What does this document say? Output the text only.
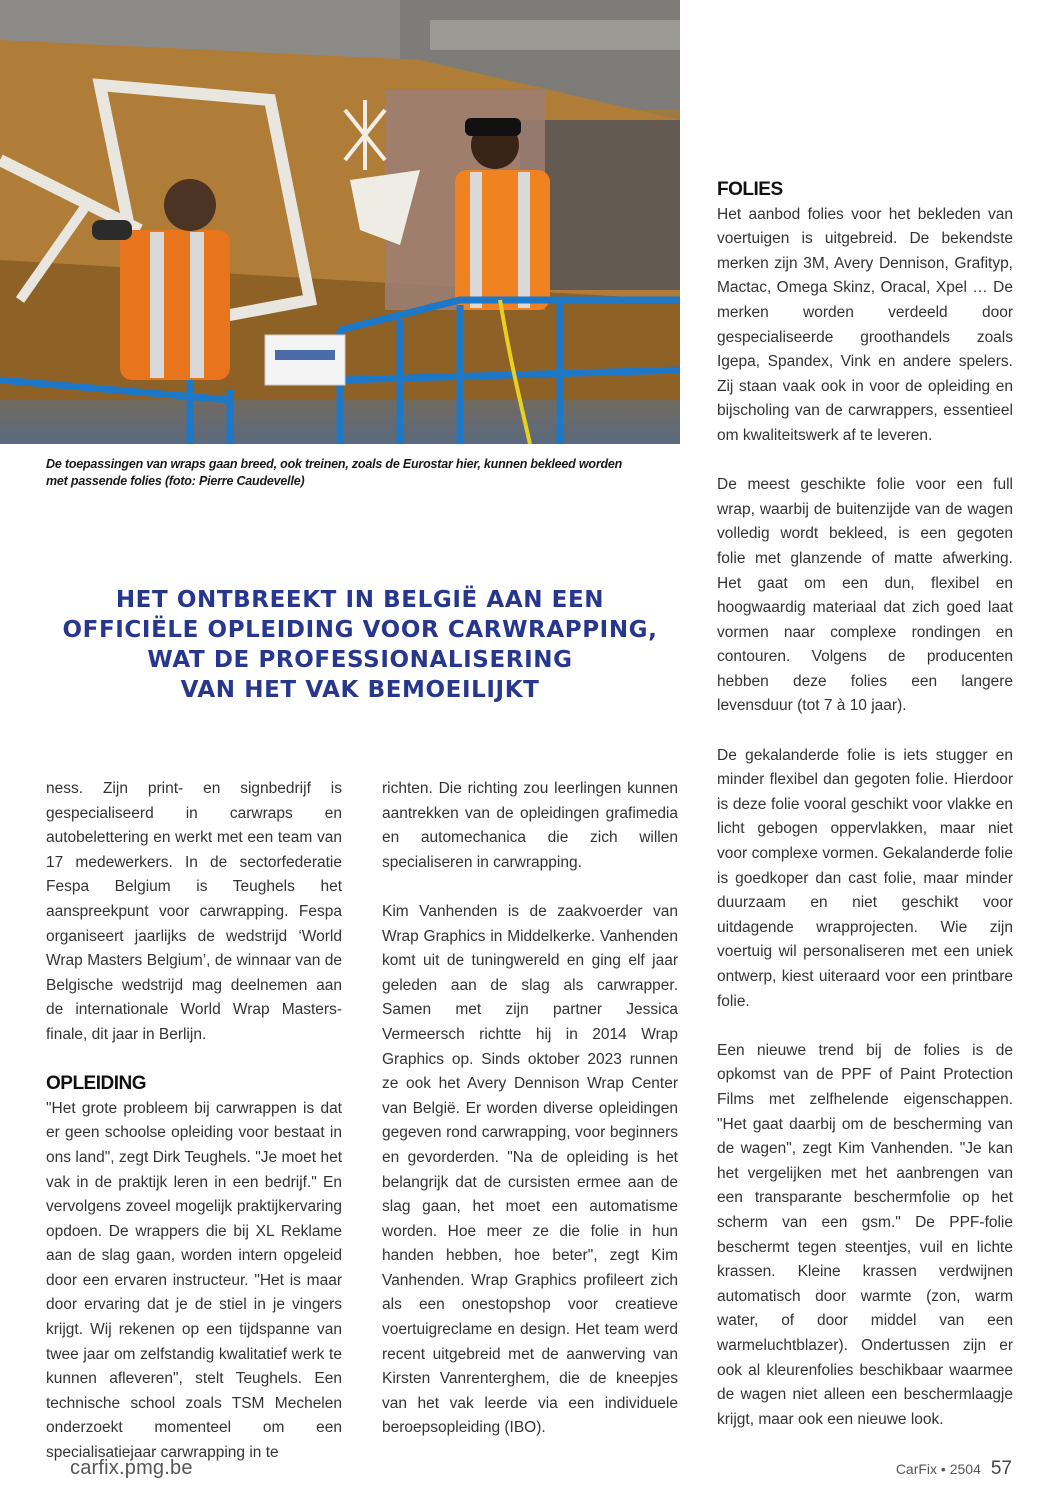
De toepassingen van wraps gaan breed, ook treinen, zoals de Eurostar hier, kunnen bekleed worden met passende folies (foto: Pierre Caudevelle)
HET ONTBREEKT IN BELGIË AAN EEN
OFFICIËLE OPLEIDING VOOR CARWRAPPING,
WAT DE PROFESSIONALISERING
VAN HET VAK BEMOEILIJKT

ness. Zijn print- en signbedrijf is gespecialiseerd in carwraps en autobelettering en werkt met een team van 17 medewerkers. In de sectorfederatie Fespa Belgium is Teughels het aanspreekpunt voor carwrapping. Fespa organiseert jaarlijks de wedstrijd ‘World Wrap Masters Belgium’, de winnaar van de Belgische wedstrijd mag deelnemen aan de internationale World Wrap Masters-finale, dit jaar in Berlijn.

OPLEIDING

"Het grote probleem bij carwrappen is dat er geen schoolse opleiding voor bestaat in ons land", zegt Dirk Teughels. "Je moet het vak in de praktijk leren in een bedrijf." En vervolgens zoveel mogelijk praktijkervaring opdoen. De wrappers die bij XL Reklame aan de slag gaan, worden intern opgeleid door een ervaren instructeur. "Het is maar door ervaring dat je de stiel in je vingers krijgt. Wij rekenen op een tijdspanne van twee jaar om zelfstandig kwalitatief werk te kunnen afleveren", stelt Teughels. Een technische school zoals TSM Mechelen onderzoekt momenteel om een specialisatiejaar carwrapping in te

richten. Die richting zou leerlingen kunnen aantrekken van de opleidingen grafimedia en automechanica die zich willen specialiseren in carwrapping.

Kim Vanhenden is de zaakvoerder van Wrap Graphics in Middelkerke. Vanhenden komt uit de tuningwereld en ging elf jaar geleden aan de slag als carwrapper. Samen met zijn partner Jessica Vermeersch richtte hij in 2014 Wrap Graphics op. Sinds oktober 2023 runnen ze ook het Avery Dennison Wrap Center van België. Er worden diverse opleidingen gegeven rond carwrapping, voor beginners en gevorderden. "Na de opleiding is het belangrijk dat de cursisten ermee aan de slag gaan, het moet een automatisme worden. Hoe meer ze die folie in hun handen hebben, hoe beter", zegt Kim Vanhenden. Wrap Graphics profileert zich als een onestopshop voor creatieve voertuigreclame en design. Het team werd recent uitgebreid met de aanwerving van Kirsten Vanrenterghem, die de kneepjes van het vak leerde via een individuele beroepsopleiding (IBO).

FOLIES

Het aanbod folies voor het bekleden van voertuigen is uitgebreid. De bekendste merken zijn 3M, Avery Dennison, Grafityp, Mactac, Omega Skinz, Oracal, Xpel … De merken worden verdeeld door gespecialiseerde groothandels zoals Igepa, Spandex, Vink en andere spelers. Zij staan vaak ook in voor de opleiding en bijscholing van de carwrappers, essentieel om kwaliteitswerk af te leveren.

De meest geschikte folie voor een full wrap, waarbij de buitenzijde van de wagen volledig wordt bekleed, is een gegoten folie met glanzende of matte afwerking. Het gaat om een dun, flexibel en hoogwaardig materiaal dat zich goed laat vormen naar complexe rondingen en contouren. Volgens de producenten hebben deze folies een langere levensduur (tot 7 à 10 jaar).

De gekalanderde folie is iets stugger en minder flexibel dan gegoten folie. Hierdoor is deze folie vooral geschikt voor vlakke en licht gebogen oppervlakken, maar niet voor complexe vormen. Gekalanderde folie is goedkoper dan cast folie, maar minder duurzaam en niet geschikt voor uitdagende wrapprojecten. Wie zijn voertuig wil personaliseren met een uniek ontwerp, kiest uiteraard voor een printbare folie.

Een nieuwe trend bij de folies is de opkomst van de PPF of Paint Protection Films met zelfhelende eigenschappen. "Het gaat daarbij om de bescherming van de wagen", zegt Kim Vanhenden. "Je kan het vergelijken met het aanbrengen van een transparante beschermfolie op het scherm van een gsm." De PPF-folie beschermt tegen steentjes, vuil en lichte krassen. Kleine krassen verdwijnen automatisch door warmte (zon, warm water, of door middel van een warmeluchtblazer). Ondertussen zijn er ook al kleurenfolies beschikbaar waarmee de wagen niet alleen een beschermlaagje krijgt, maar ook een nieuwe look.

carfix.pmg.be	CarFix • 2504 57
